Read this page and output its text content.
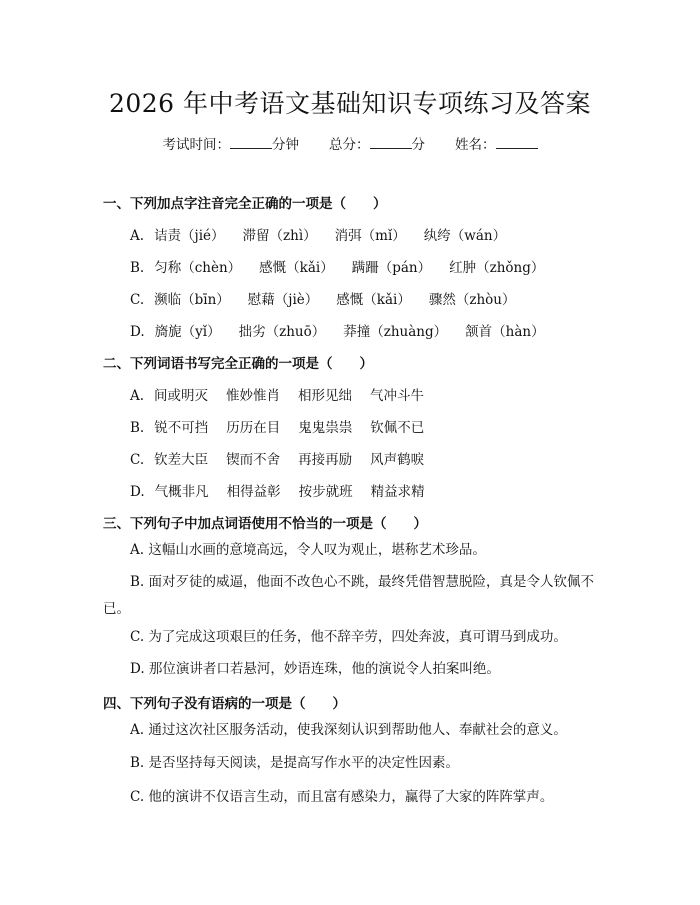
2026 年中考语文基础知识专项练习及答案
考试时间：	分钟 总分：	分 姓名：
一、下列加点字注音完全正确的一项是（　　）
A. 诘责（jié） 滞留（zhì） 消弭（mǐ） 纨绔（wán）
B. 匀称（chèn） 感慨（kǎi） 蹒跚（pán） 红肿（zhǒng）
C. 濒临（bīn） 慰藉（jiè） 感慨（kǎi） 骤然（zhòu）
D. 旖旎（yǐ） 拙劣（zhuō） 莽撞（zhuàng） 颔首（hàn）
二、下列词语书写完全正确的一项是（　　）
A. 间或明灭 惟妙惟肖 相形见绌 气冲斗牛
B. 锐不可挡 历历在目 鬼鬼祟祟 钦佩不已
C. 钦差大臣 锲而不舍 再接再励 风声鹤唳
D. 气概非凡 相得益彰 按步就班 精益求精
三、下列句子中加点词语使用不恰当的一项是（　　）
A. 这幅山水画的意境高远，令人叹为观止，堪称艺术珍品。
B. 面对歹徒的威逼，他面不改色心不跳，最终凭借智慧脱险，真是令人钦佩不已。
C. 为了完成这项艰巨的任务，他不辞辛劳，四处奔波，真可谓马到成功。
D. 那位演讲者口若悬河，妙语连珠，他的演说令人拍案叫绝。
四、下列句子没有语病的一项是（　　）
A. 通过这次社区服务活动，使我深刻认识到帮助他人、奉献社会的意义。
B. 是否坚持每天阅读，是提高写作水平的决定性因素。
C. 他的演讲不仅语言生动，而且富有感染力，赢得了大家的阵阵掌声。
